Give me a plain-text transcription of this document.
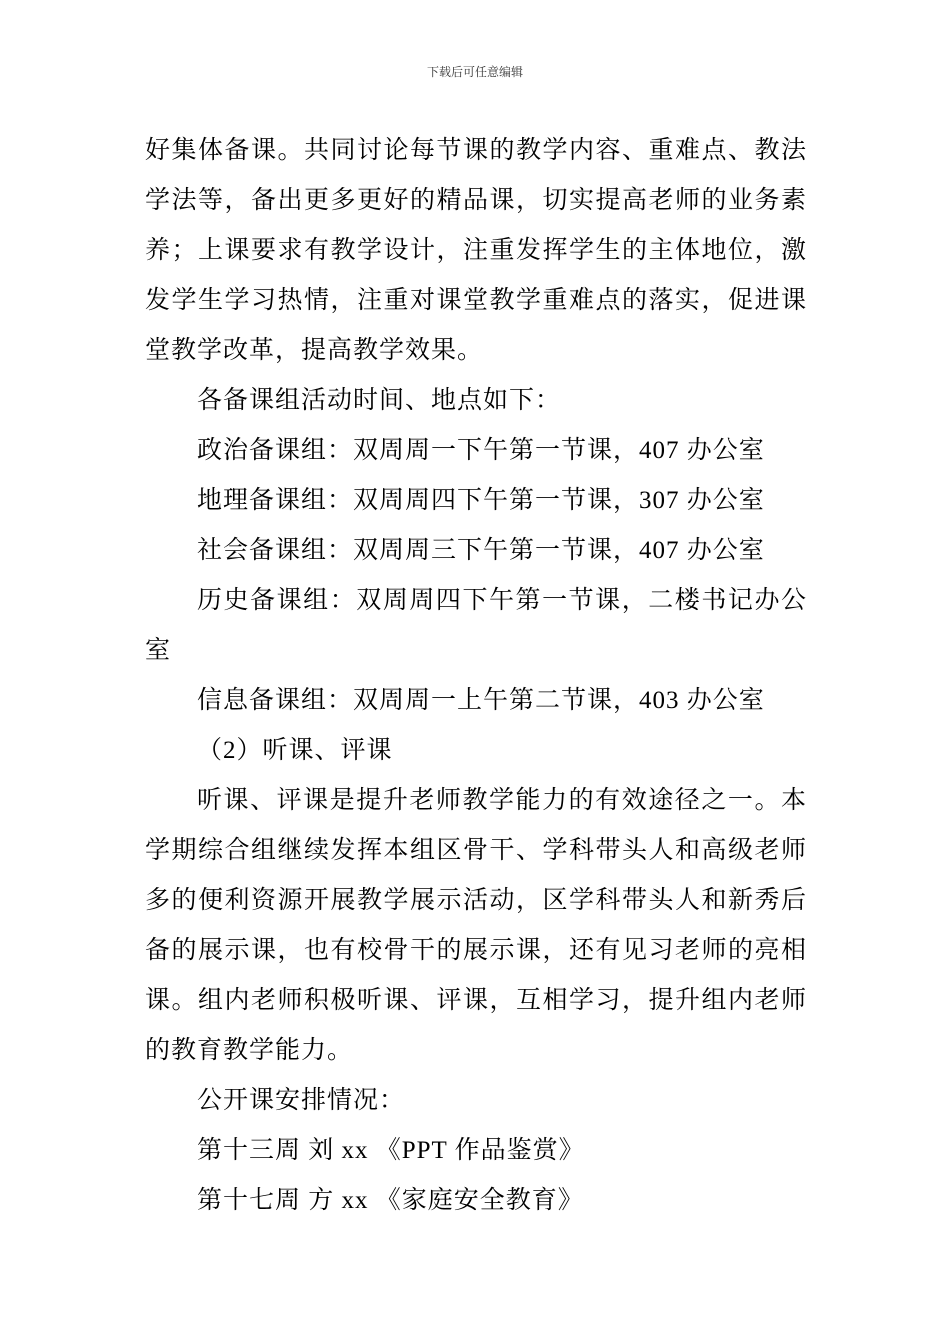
下载后可任意编辑

好集体备课。共同讨论每节课的教学内容、重难点、教法学法等，备出更多更好的精品课，切实提高老师的业务素养；上课要求有教学设计，注重发挥学生的主体地位，激发学生学习热情，注重对课堂教学重难点的落实，促进课堂教学改革，提高教学效果。

各备课组活动时间、地点如下：

政治备课组：双周周一下午第一节课，407 办公室

地理备课组：双周周四下午第一节课，307 办公室

社会备课组：双周周三下午第一节课，407 办公室

历史备课组：双周周四下午第一节课，二楼书记办公室

信息备课组：双周周一上午第二节课，403 办公室

（2）听课、评课

听课、评课是提升老师教学能力的有效途径之一。本学期综合组继续发挥本组区骨干、学科带头人和高级老师多的便利资源开展教学展示活动，区学科带头人和新秀后备的展示课，也有校骨干的展示课，还有见习老师的亮相课。组内老师积极听课、评课，互相学习，提升组内老师的教育教学能力。

公开课安排情况：

第十三周 刘 xx 《PPT 作品鉴赏》

第十七周 方 xx 《家庭安全教育》
